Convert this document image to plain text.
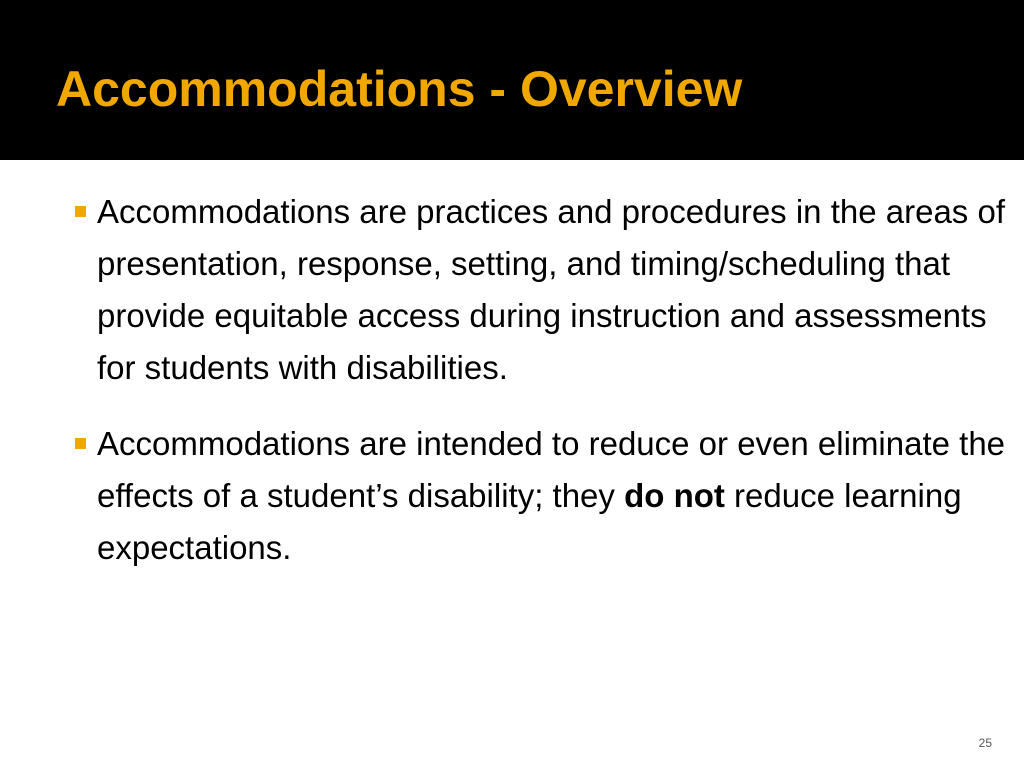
Accommodations - Overview
Accommodations are practices and procedures in the areas of presentation, response, setting, and timing/scheduling that provide equitable access during instruction and assessments for students with disabilities.
Accommodations are intended to reduce or even eliminate the effects of a student’s disability; they do not reduce learning expectations.
25
